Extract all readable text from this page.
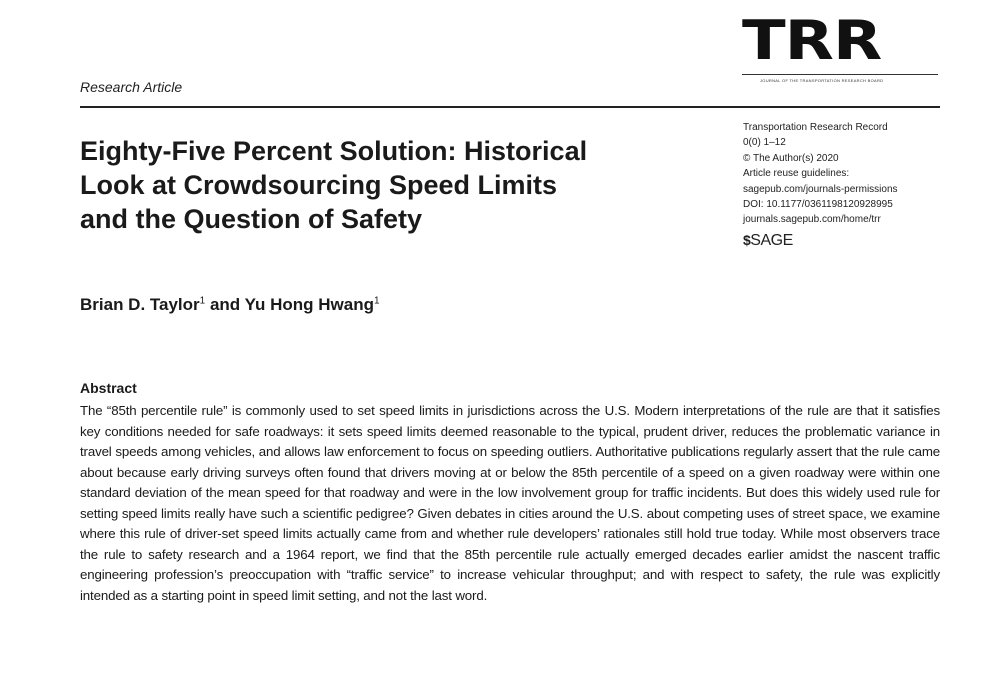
TRR
JOURNAL OF THE TRANSPORTATION RESEARCH BOARD
Research Article
Eighty-Five Percent Solution: Historical
Look at Crowdsourcing Speed Limits
and the Question of Safety
Transportation Research Record
0(0) 1–12
© The Author(s) 2020
Article reuse guidelines:
sagepub.com/journals-permissions
DOI: 10.1177/0361198120928995
journals.sagepub.com/home/trr
$SAGE
Brian D. Taylor$^1$ and Yu Hong Hwang$^1$
Abstract

The “85th percentile rule” is commonly used to set speed limits in jurisdictions across the U.S. Modern interpretations of the rule are that it satisfies key conditions needed for safe roadways: it sets speed limits deemed reasonable to the typical, prudent driver, reduces the problematic variance in travel speeds among vehicles, and allows law enforcement to focus on speeding outliers. Authoritative publications regularly assert that the rule came about because early driving surveys often found that drivers moving at or below the 85th percentile of a speed on a given roadway were within one standard deviation of the mean speed for that roadway and were in the low involvement group for traffic incidents. But does this widely used rule for setting speed limits really have such a scientific pedigree? Given debates in cities around the U.S. about competing uses of street space, we examine where this rule of driver-set speed limits actually came from and whether rule developers’ rationales still hold true today. While most observers trace the rule to safety research and a 1964 report, we find that the 85th percentile rule actually emerged decades earlier amidst the nascent traffic engineering profession’s preoccupation with “traffic service” to increase vehicular throughput; and with respect to safety, the rule was explicitly intended as a starting point in speed limit setting, and not the last word.
